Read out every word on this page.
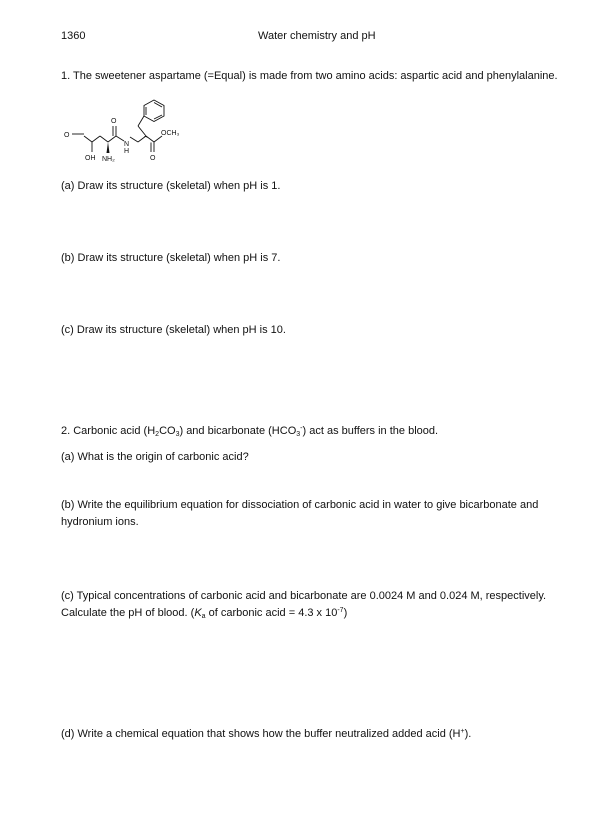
1360	Water chemistry and pH
1. The sweetener aspartame (=Equal) is made from two amino acids: aspartic acid and phenylalanine.
O
OH NH₂
O
N
H
OCH₃
O
(a) Draw its structure (skeletal) when pH is 1.
(b) Draw its structure (skeletal) when pH is 7.
(c) Draw its structure (skeletal) when pH is 10.
2. Carbonic acid $(H_2CO_3)$ and bicarbonate $(HCO_3^-)$ act as buffers in the blood.
(a) What is the origin of carbonic acid?
(b) Write the equilibrium equation for dissociation of carbonic acid in water to give bicarbonate and
hydronium ions.
(c) Typical concentrations of carbonic acid and bicarbonate are 0.0024 M and 0.024 M, respectively.
Calculate the pH of blood. ($K_a$ of carbonic acid = 4.3 x $10^{-7}$)
(d) Write a chemical equation that shows how the buffer neutralized added acid (H+).
